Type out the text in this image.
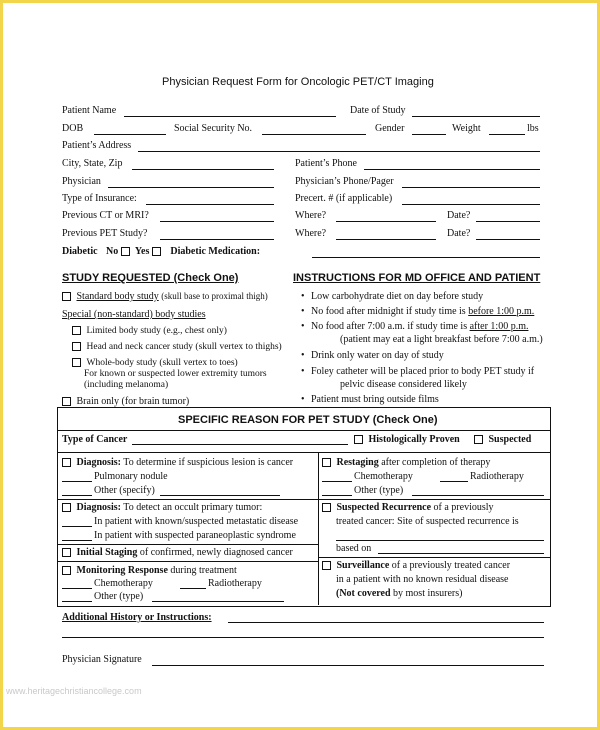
Physician Request Form for Oncologic PET/CT Imaging
Patient Name	Date of Study
DOB	Social Security No.	Gender	Weight	lbs
Patient’s Address
City, State, Zip	Patient’s Phone
Physician	Physician’s Phone/Pager
Type of Insurance:	Precert. # (if applicable)
Previous CT or MRI?	Where?	Date?
Previous PET Study?	Where?	Date?
Diabetic No Yes Diabetic Medication:
STUDY REQUESTED (Check One)
Standard body study (skull base to proximal thigh)
Special (non-standard) body studies
Limited body study (e.g., chest only)
Head and neck cancer study (skull vertex to thighs)
Whole-body study (skull vertex to toes)
For known or suspected lower extremity tumors
(including melanoma)
Brain only (for brain tumor)
INSTRUCTIONS FOR MD OFFICE AND PATIENT
• Low carbohydrate diet on day before study
• No food after midnight if study time is before 1:00 p.m.
• No food after 7:00 a.m. if study time is after 1:00 p.m.
(patient may eat a light breakfast before 7:00 a.m.)
• Drink only water on day of study
• Foley catheter will be placed prior to body PET study if
pelvic disease considered likely
• Patient must bring outside films
SPECIFIC REASON FOR PET STUDY (Check One)
Type of Cancer	Histologically Proven	Suspected
Diagnosis: To determine if suspicious lesion is cancer
Pulmonary nodule
Other (specify)
Diagnosis: To detect an occult primary tumor:
In patient with known/suspected metastatic disease
In patient with suspected paraneoplastic syndrome
Initial Staging of confirmed, newly diagnosed cancer
Monitoring Response during treatment
Chemotherapy	Radiotherapy
Other (type)
Restaging after completion of therapy
Chemotherapy	Radiotherapy
Other (type)
Suspected Recurrence of a previously
treated cancer: Site of suspected recurrence is
based on
Surveillance of a previously treated cancer
in a patient with no known residual disease
(Not covered by most insurers)
Additional History or Instructions:
Physician Signature
www.heritagechristiancollege.com
